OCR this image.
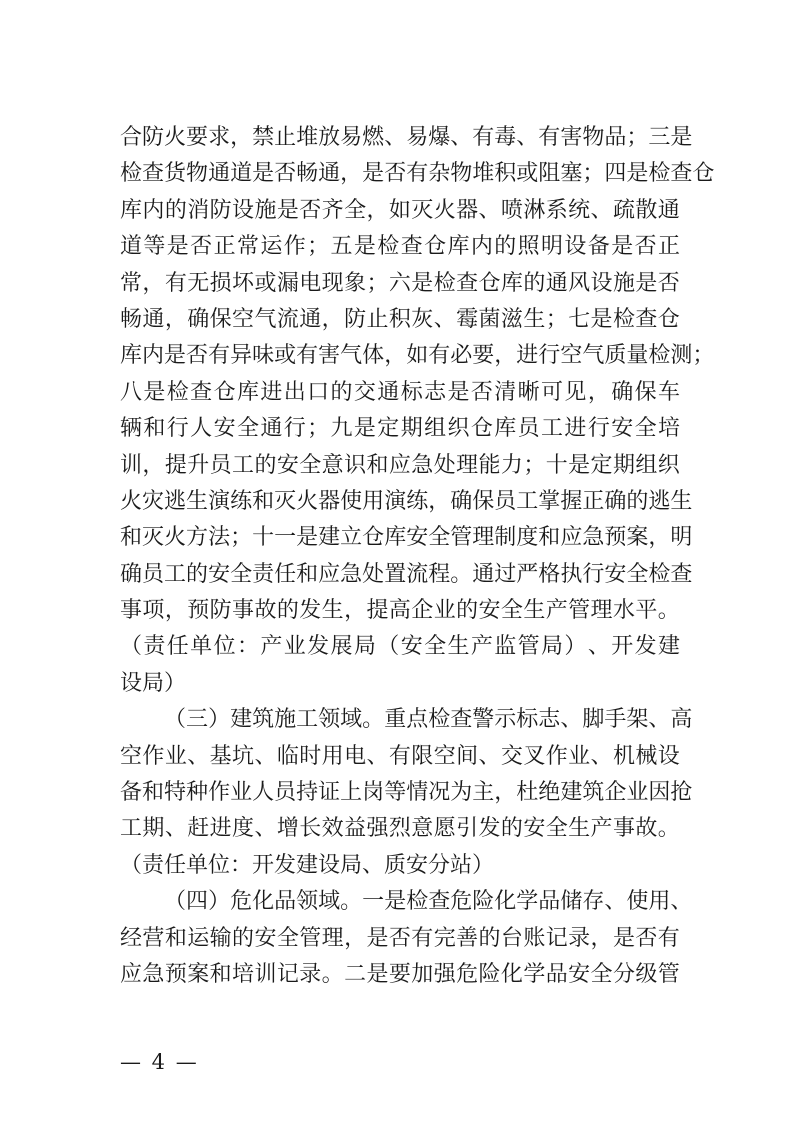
合 防 火 要 求 ， 禁 止 堆 放 易 燃 、 易 爆 、 有 毒 、 有 害 物 品 ； 三 是
检 查 货 物 通 道 是 否 畅 通 ， 是 否 有 杂 物 堆 积 或 阻 塞 ； 四 是 检 查 仓
库 内 的 消 防 设 施 是 否 齐 全 ， 如 灭 火 器 、 喷 淋 系 统 、 疏 散 通
道 等 是 否 正 常 运 作 ； 五 是 检 查 仓 库 内 的 照 明 设 备 是 否 正
常 ， 有 无 损 坏 或 漏 电 现 象 ； 六 是 检 查 仓 库 的 通 风 设 施 是 否
畅 通 ， 确 保 空 气 流 通 ， 防 止 积 灰 、 霉 菌 滋 生 ； 七 是 检 查 仓
库 内 是 否 有 异 味 或 有 害 气 体 ， 如 有 必 要 ， 进 行 空 气 质 量 检 测 ；
八 是 检 查 仓 库 进 出 口 的 交 通 标 志 是 否 清 晰 可 见 ， 确 保 车
辆 和 行 人 安 全 通 行 ； 九 是 定 期 组 织 仓 库 员 工 进 行 安 全 培
训 ， 提 升 员 工 的 安 全 意 识 和 应 急 处 理 能 力 ； 十 是 定 期 组 织
火 灾 逃 生 演 练 和 灭 火 器 使 用 演 练 ， 确 保 员 工 掌 握 正 确 的 逃 生
和 灭 火 方 法 ； 十 一 是 建 立 仓 库 安 全 管 理 制 度 和 应 急 预 案 ， 明
确 员 工 的 安 全 责 任 和 应 急 处 置 流 程 。 通 过 严 格 执 行 安 全 检 查
事 项 ， 预 防 事 故 的 发 生 ， 提 高 企 业 的 安 全 生 产 管 理 水 平 。
（ 责 任 单 位 ： 产 业 发 展 局 （ 安 全 生 产 监 管 局 ） 、 开 发 建
设局）

（ 三 ） 建 筑 施 工 领 域 。 重 点 检 查 警 示 标 志 、 脚 手 架 、 高
空 作 业 、 基 坑 、 临 时 用 电 、 有 限 空 间 、 交 叉 作 业 、 机 械 设
备 和 特 种 作 业 人 员 持 证 上 岗 等 情 况 为 主 ， 杜 绝 建 筑 企 业 因 抢
工 期 、 赶 进 度 、 增 长 效 益 强 烈 意 愿 引 发 的 安 全 生 产 事 故 。
（责任单位：开发建设局、质安分站）

（ 四 ） 危 化 品 领 域 。 一 是 检 查 危 险 化 学 品 储 存 、 使 用 、
经 营 和 运 输 的 安 全 管 理 ， 是 否 有 完 善 的 台 账 记 录 ， 是 否 有
应 急 预 案 和 培 训 记 录 。 二 是 要 加 强 危 险 化 学 品 安 全 分 级 管
— 4 —
